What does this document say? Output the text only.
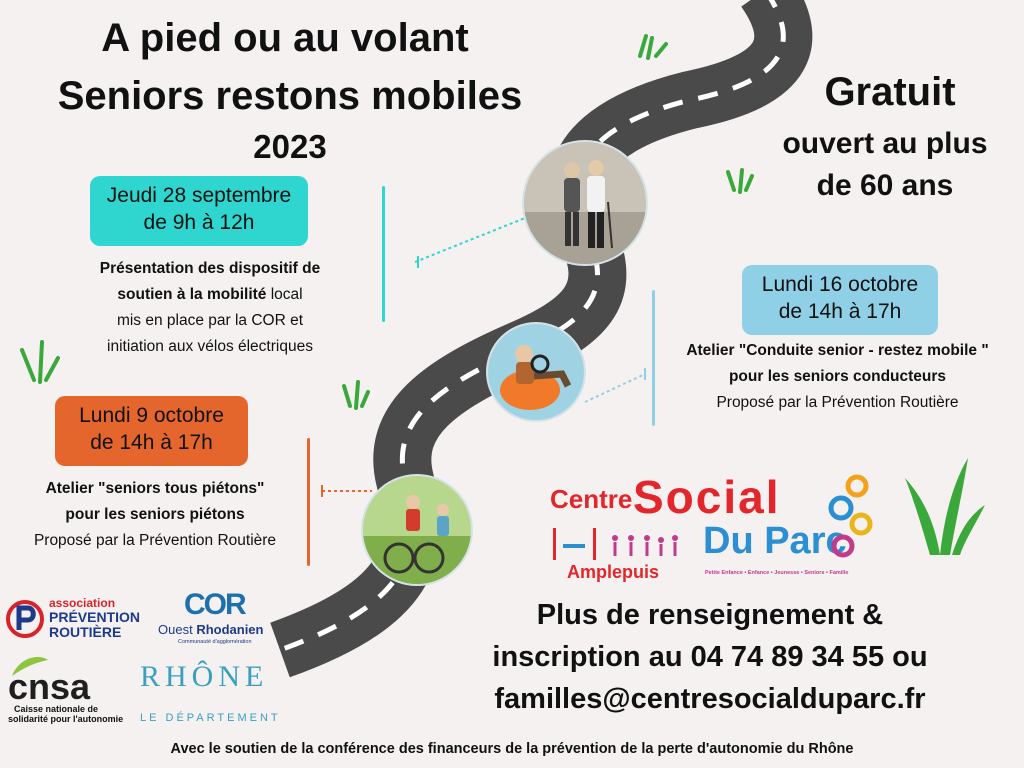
A pied ou au volant
Seniors restons mobiles
2023
Gratuit
ouvert au plus
de 60 ans
Jeudi 28 septembre
de 9h à 12h
Présentation des dispositif de
soutien à la mobilité local
mis en place par la COR et
initiation aux vélos électriques
Lundi 9 octobre
de 14h à 17h
Atelier "seniors tous piétons"
pour les seniors piétons
Proposé par la Prévention Routière
Lundi 16 octobre
de 14h à 17h
Atelier "Conduite senior - restez mobile "
pour les seniors conducteurs
Proposé par la Prévention Routière
Centre Social
Du Parc
Amplepuis	Petite Enfance • Enfance • Jeunesse • Seniors • Famille
Plus de renseignement &
inscription au 04 74 89 34 55 ou
familles@centresocialduparc.fr
association
PRÉVENTION
ROUTIÈRE
COR
Ouest Rhodanien
Communauté d'agglomération
cnsa
Caisse nationale de
solidarité pour l'autonomie
RHÔNE
LE DÉPARTEMENT
Avec le soutien de la conférence des financeurs de la prévention de la perte d'autonomie du Rhône
